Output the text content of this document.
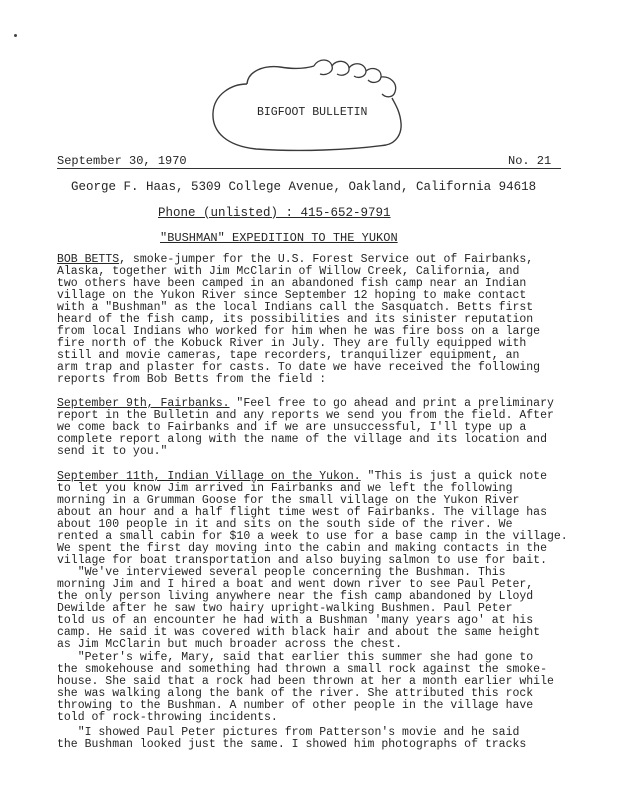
BIGFOOT BULLETIN
September 30, 1970	No. 21
George F. Haas, 5309 College Avenue, Oakland, California 94618
Phone (unlisted) : 415-652-9791
"BUSHMAN" EXPEDITION TO THE YUKON
BOB BETTS, smoke-jumper for the U.S. Forest Service out of Fairbanks,
Alaska, together with Jim McClarin of Willow Creek, California, and
two others have been camped in an abandoned fish camp near an Indian
village on the Yukon River since September 12 hoping to make contact
with a "Bushman" as the local Indians call the Sasquatch. Betts first
heard of the fish camp, its possibilities and its sinister reputation
from local Indians who worked for him when he was fire boss on a large
fire north of the Kobuck River in July. They are fully equipped with
still and movie cameras, tape recorders, tranquilizer equipment, an
arm trap and plaster for casts. To date we have received the following
reports from Bob Betts from the field :
September 9th, Fairbanks. "Feel free to go ahead and print a preliminary
report in the Bulletin and any reports we send you from the field. After
we come back to Fairbanks and if we are unsuccessful, I'll type up a
complete report along with the name of the village and its location and
send it to you."
September 11th, Indian Village on the Yukon. "This is just a quick note
to let you know Jim arrived in Fairbanks and we left the following
morning in a Grumman Goose for the small village on the Yukon River
about an hour and a half flight time west of Fairbanks. The village has
about 100 people in it and sits on the south side of the river. We
rented a small cabin for $10 a week to use for a base camp in the village.
We spent the first day moving into the cabin and making contacts in the
village for boat transportation and also buying salmon to use for bait.
"We've interviewed several people concerning the Bushman. This
morning Jim and I hired a boat and went down river to see Paul Peter,
the only person living anywhere near the fish camp abandoned by Lloyd
Dewilde after he saw two hairy upright-walking Bushmen. Paul Peter
told us of an encounter he had with a Bushman 'many years ago' at his
camp. He said it was covered with black hair and about the same height
as Jim McClarin but much broader across the chest.
"Peter's wife, Mary, said that earlier this summer she had gone to
the smokehouse and something had thrown a small rock against the smoke-
house. She said that a rock had been thrown at her a month earlier while
she was walking along the bank of the river. She attributed this rock
throwing to the Bushman. A number of other people in the village have
told of rock-throwing incidents.
"I showed Paul Peter pictures from Patterson's movie and he said
the Bushman looked just the same. I showed him photographs of tracks
